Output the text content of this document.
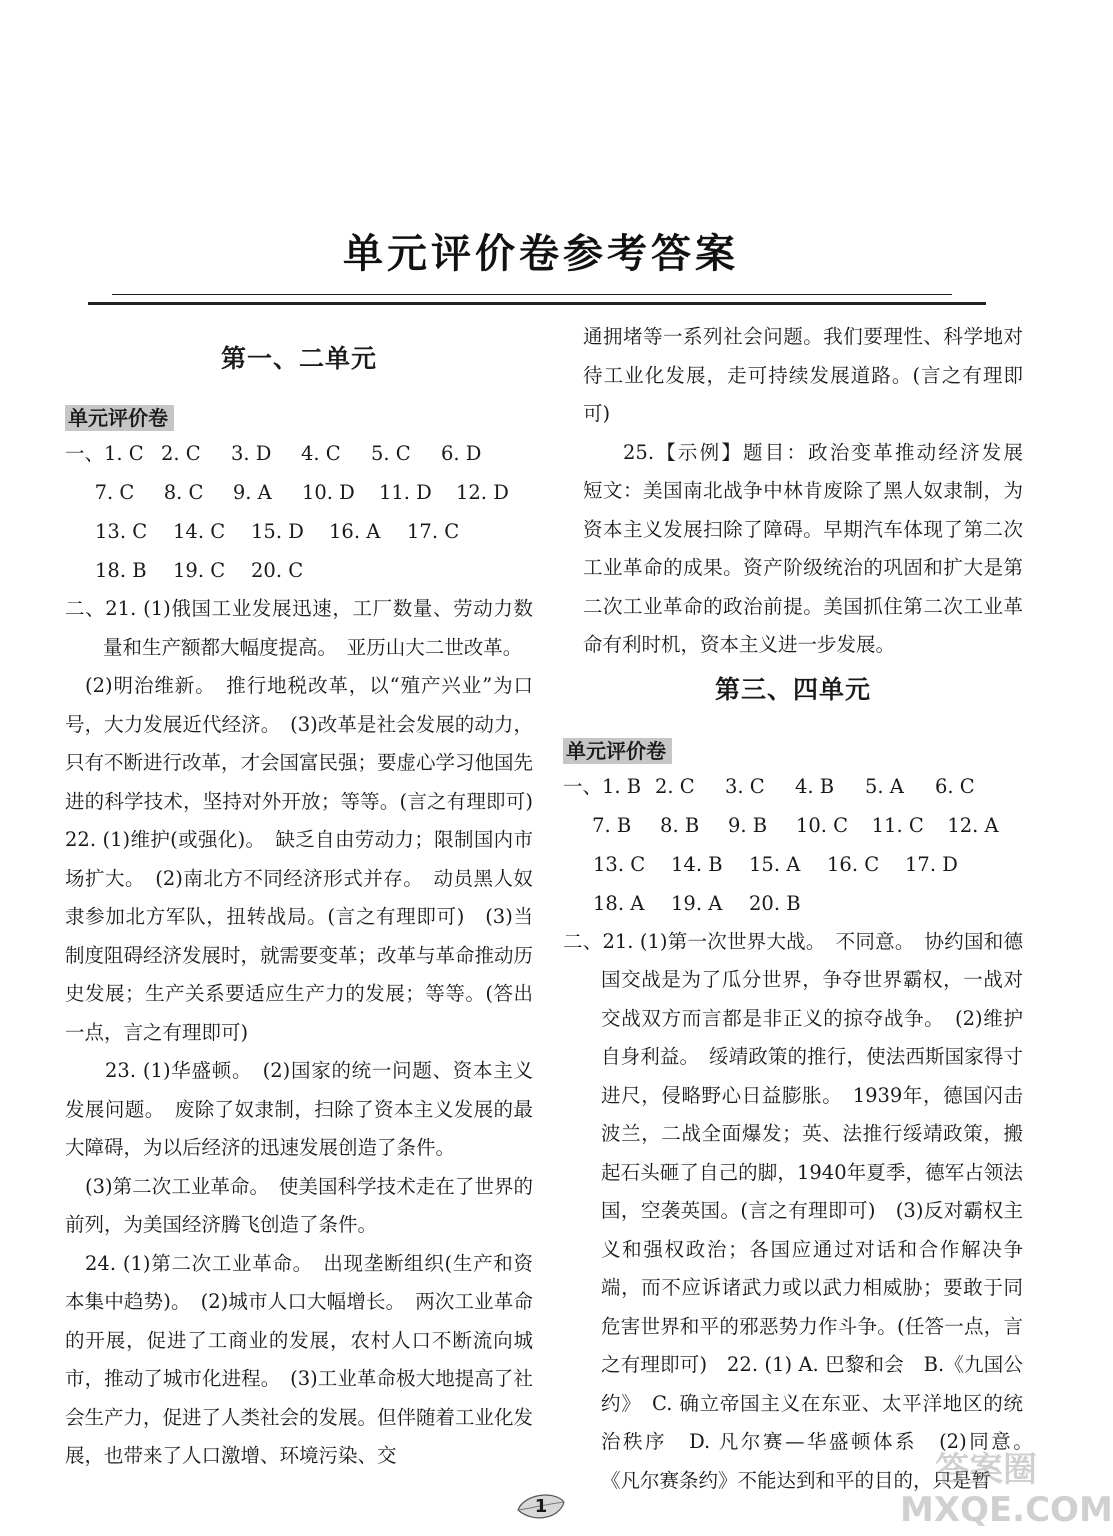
单元评价卷参考答案
第一、二单元
单元评价卷
一、1. C 2. C	3. D	4. C	5. C	6. D
7. C	8. C	9. A	10. D	11. D	12. D
13. C	14. C	15. D	16. A	17. C
18. B	19. C	20. C

二、21. (1)俄国工业发展迅速，工厂数量、劳动力数量和生产额都大幅度提高。　亚历山大二世改革。

(2)明治维新。　推行地税改革，以“殖产兴业”为口号，大力发展近代经济。　(3)改革是社会发展的动力，只有不断进行改革，才会国富民强；要虚心学习他国先进的科学技术，坚持对外开放；等等。(言之有理即可)　22. (1)维护(或强化)。　缺乏自由劳动力；限制国内市场扩大。　(2)南北方不同经济形式并存。　动员黑人奴隶参加北方军队，扭转战局。(言之有理即可)　(3)当制度阻碍经济发展时，就需要变革；改革与革命推动历史发展；生产关系要适应生产力的发展；等等。(答出一点，言之有理即可)

23. (1)华盛顿。　(2)国家的统一问题、资本主义发展问题。　废除了奴隶制，扫除了资本主义发展的最大障碍，为以后经济的迅速发展创造了条件。

(3)第二次工业革命。　使美国科学技术走在了世界的前列，为美国经济腾飞创造了条件。

24. (1)第二次工业革命。　出现垄断组织(生产和资本集中趋势)。　(2)城市人口大幅增长。　两次工业革命的开展，促进了工商业的发展，农村人口不断流向城市，推动了城市化进程。　(3)工业革命极大地提高了社会生产力，促进了人类社会的发展。但伴随着工业化发展，也带来了人口激增、环境污染、交

通拥堵等一系列社会问题。我们要理性、科学地对待工业化发展，走可持续发展道路。(言之有理即可)

25.【示例】题目：政治变革推动经济发展　短文：美国南北战争中林肯废除了黑人奴隶制，为资本主义发展扫除了障碍。早期汽车体现了第二次工业革命的成果。资产阶级统治的巩固和扩大是第二次工业革命的政治前提。美国抓住第二次工业革命有利时机，资本主义进一步发展。

第三、四单元
单元评价卷
一、1. B 2. C	3. C	4. B	5. A	6. C
7. B	8. B	9. B	10. C	11. C	12. A
13. C	14. B	15. A	16. C	17. D
18. A	19. A	20. B

二、21. (1)第一次世界大战。　不同意。　协约国和德国交战是为了瓜分世界，争夺世界霸权，一战对交战双方而言都是非正义的掠夺战争。　(2)维护自身利益。　绥靖政策的推行，使法西斯国家得寸进尺，侵略野心日益膨胀。　1939年，德国闪击波兰，二战全面爆发；英、法推行绥靖政策，搬起石头砸了自己的脚，1940年夏季，德军占领法国，空袭英国。(言之有理即可)　(3)反对霸权主义和强权政治；各国应通过对话和合作解决争端，而不应诉诸武力或以武力相威胁；要敢于同危害世界和平的邪恶势力作斗争。(任答一点，言之有理即可)　22. (1) A. 巴黎和会　B.《九国公约》　C. 确立帝国主义在东亚、太平洋地区的统治秩序　D. 凡尔赛—华盛顿体系　(2)同意。　《凡尔赛条约》不能达到和平的目的，只是暂

1
答案圈 MXQE.COM
